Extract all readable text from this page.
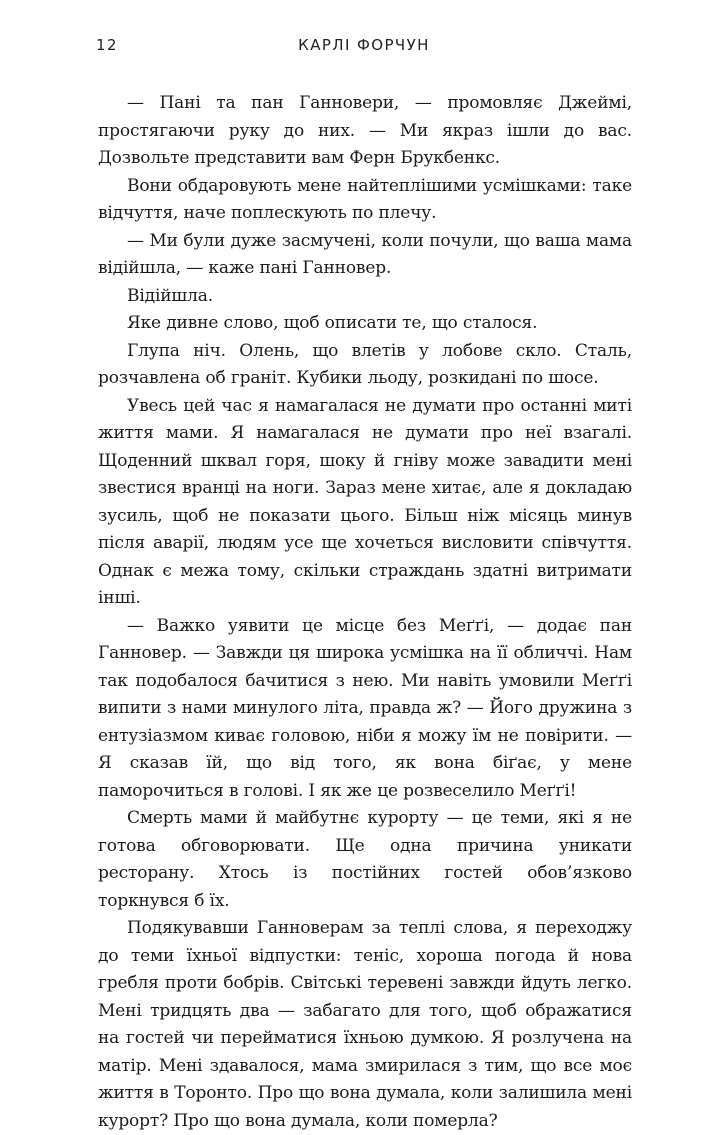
12	КАРЛІ ФОРЧУН

— Пані та пан Ганновери, — промовляє Джеймі, простягаючи руку до них. — Ми якраз ішли до вас. Дозвольте представити вам Ферн Брукбенкс.

Вони обдаровують мене найтеплішими усмішками: таке відчуття, наче поплескують по плечу.

— Ми були дуже засмучені, коли почули, що ваша мама відійшла, — каже пані Ганновер.

Відійшла.

Яке дивне слово, щоб описати те, що сталося.

Глупа ніч. Олень, що влетів у лобове скло. Сталь, розчавлена об граніт. Кубики льоду, розкидані по шосе.

Увесь цей час я намагалася не думати про останні миті життя мами. Я намагалася не думати про неї взагалі. Щоденний шквал горя, шоку й гніву може завадити мені звестися вранці на ноги. Зараз мене хитає, але я докладаю зусиль, щоб не показати цього. Більш ніж місяць минув після аварії, людям усе ще хочеться висловити співчуття. Однак є межа тому, скільки страждань здатні витримати інші.

— Важко уявити це місце без Меґґі, — додає пан Ганновер. — Завжди ця широка усмішка на її обличчі. Нам так подобалося бачитися з нею. Ми навіть умовили Меґґі випити з нами минулого літа, правда ж? — Його дружина з ентузіазмом киває головою, ніби я можу їм не повірити. — Я сказав їй, що від того, як вона біґає, у мене паморочиться в голові. І як же це розвеселило Меґґі!

Смерть мами й майбутнє курорту — це теми, які я не готова обговорювати. Ще одна причина уникати ресторану. Хтось із постійних гостей обов’язково торкнувся б їх.

Подякувавши Ганноверам за теплі слова, я переходжу до теми їхньої відпустки: теніс, хороша погода й нова гребля проти бобрів. Світські теревені завжди йдуть легко. Мені тридцять два — забагато для того, щоб ображатися на гостей чи перейматися їхньою думкою. Я розлучена на матір. Мені здавалося, мама змирилася з тим, що все моє життя в Торонто. Про що вона думала, коли залишила мені курорт? Про що вона думала, коли померла?
